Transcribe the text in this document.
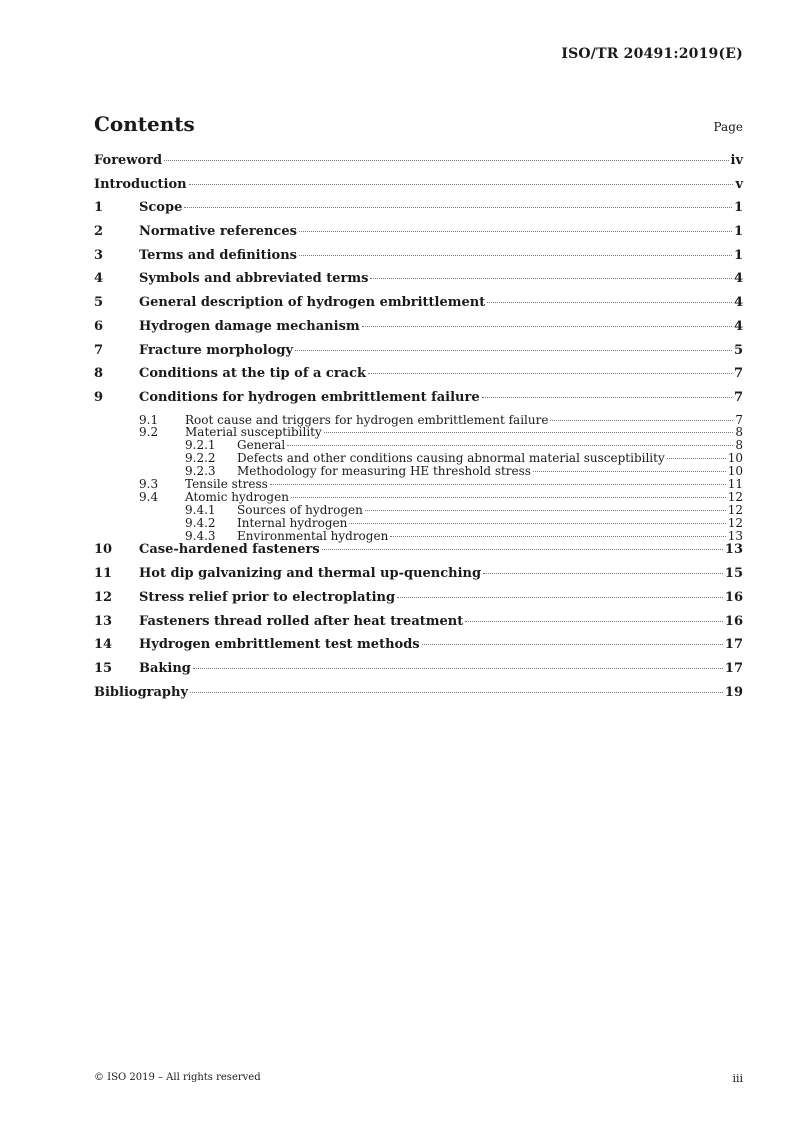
ISO/TR 20491:2019(E)
Contents	Page
Foreword	iv
Introduction	v
1	Scope	1
2	Normative references	1
3	Terms and definitions	1
4	Symbols and abbreviated terms	4
5	General description of hydrogen embrittlement	4
6	Hydrogen damage mechanism	4
7	Fracture morphology	5
8	Conditions at the tip of a crack	7
9	Conditions for hydrogen embrittlement failure	7
9.1	Root cause and triggers for hydrogen embrittlement failure	7
9.2	Material susceptibility	8
9.2.1	General	8
9.2.2	Defects and other conditions causing abnormal material susceptibility	10
9.2.3	Methodology for measuring HE threshold stress	10
9.3	Tensile stress	11
9.4	Atomic hydrogen	12
9.4.1	Sources of hydrogen	12
9.4.2	Internal hydrogen	12
9.4.3	Environmental hydrogen	13
10	Case-hardened fasteners	13
11	Hot dip galvanizing and thermal up-quenching	15
12	Stress relief prior to electroplating	16
13	Fasteners thread rolled after heat treatment	16
14	Hydrogen embrittlement test methods	17
15	Baking	17
Bibliography	19
© ISO 2019 – All rights reserved	iii
